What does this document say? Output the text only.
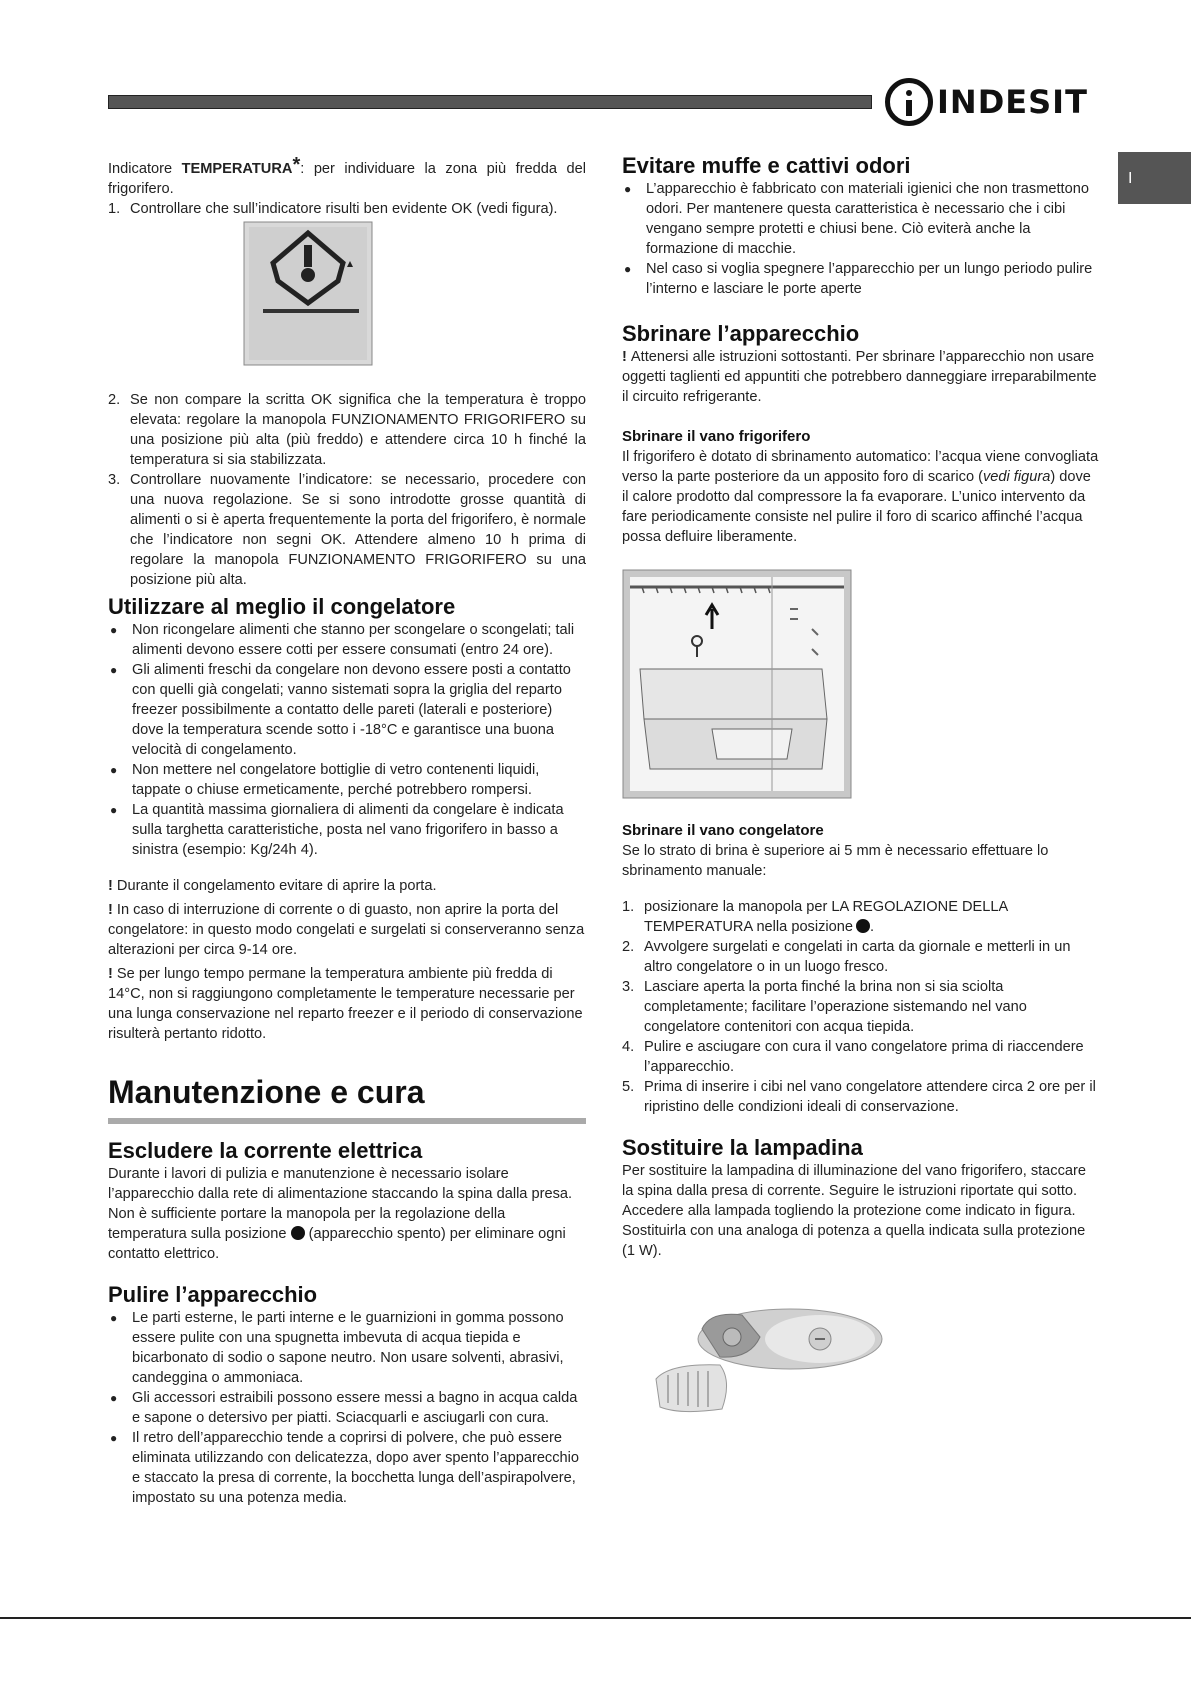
INDESIT
I

Indicatore TEMPERATURA*: per individuare la zona più fredda del frigorifero.

1. Controllare che sull’indicatore risulti ben evidente OK (vedi figura).
2. Se non compare la scritta OK significa che la temperatura è troppo elevata: regolare la manopola FUNZIONAMENTO FRIGORIFERO su una posizione più alta (più freddo) e attendere circa 10 h finché la temperatura si sia stabilizzata.
3. Controllare nuovamente l’indicatore: se necessario, procedere con una nuova regolazione. Se si sono introdotte grosse quantità di alimenti o si è aperta frequentemente la porta del frigorifero, è normale che l’indicatore non segni OK. Attendere almeno 10 h prima di regolare la manopola FUNZIONAMENTO FRIGORIFERO su una posizione più alta.
Utilizzare al meglio il congelatore
●	Non ricongelare alimenti che stanno per scongelare o scongelati; tali alimenti devono essere cotti per essere consumati (entro 24 ore).
●	Gli alimenti freschi da congelare non devono essere posti a contatto con quelli già congelati; vanno sistemati sopra la griglia del reparto freezer possibilmente a contatto delle pareti (laterali e posteriore) dove la temperatura scende sotto i -18°C e garantisce una buona velocità di congelamento.
●	Non mettere nel congelatore bottiglie di vetro contenenti liquidi, tappate o chiuse ermeticamente, perché potrebbero rompersi.
●	La quantità massima giornaliera di alimenti da congelare è indicata sulla targhetta caratteristiche, posta nel vano frigorifero in basso a sinistra (esempio: Kg/24h 4).

! Durante il congelamento evitare di aprire la porta.

! In caso di interruzione di corrente o di guasto, non aprire la porta del congelatore: in questo modo congelati e surgelati si conserveranno senza alterazioni per circa 9-14 ore.

! Se per lungo tempo permane la temperatura ambiente più fredda di 14°C, non si raggiungono completamente le temperature necessarie per una lunga conservazione nel reparto freezer e il periodo di conservazione risulterà pertanto ridotto.

Manutenzione e cura
Escludere la corrente elettrica

Durante i lavori di pulizia e manutenzione è necessario isolare l’apparecchio dalla rete di alimentazione staccando la spina dalla presa. Non è sufficiente portare la manopola per la regolazione della temperatura sulla posizione (apparecchio spento) per eliminare ogni contatto elettrico.

Pulire l’apparecchio
●	Le parti esterne, le parti interne e le guarnizioni in gomma possono essere pulite con una spugnetta imbevuta di acqua tiepida e bicarbonato di sodio o sapone neutro. Non usare solventi, abrasivi, candeggina o ammoniaca.
●	Gli accessori estraibili possono essere messi a bagno in acqua calda e sapone o detersivo per piatti. Sciacquarli e asciugarli con cura.
●	Il retro dell’apparecchio tende a coprirsi di polvere, che può essere eliminata utilizzando con delicatezza, dopo aver spento l’apparecchio e staccato la presa di corrente, la bocchetta lunga dell’aspirapolvere, impostato su una potenza media.
Evitare muffe e cattivi odori
●	L’apparecchio è fabbricato con materiali igienici che non trasmettono odori. Per mantenere questa caratteristica è necessario che i cibi vengano sempre protetti e chiusi bene. Ciò eviterà anche la formazione di macchie.
●	Nel caso si voglia spegnere l’apparecchio per un lungo periodo pulire l’interno e lasciare le porte aperte
Sbrinare l’apparecchio

! Attenersi alle istruzioni sottostanti. Per sbrinare l’apparecchio non usare oggetti taglienti ed appuntiti che potrebbero danneggiare irreparabilmente il circuito refrigerante.

Sbrinare il vano frigorifero

Il frigorifero è dotato di sbrinamento automatico: l’acqua viene convogliata verso la parte posteriore da un apposito foro di scarico (vedi figura) dove il calore prodotto dal compressore la fa evaporare. L’unico intervento da fare periodicamente consiste nel pulire il foro di scarico affinché l’acqua possa defluire liberamente.

Sbrinare il vano congelatore

Se lo strato di brina è superiore ai 5 mm è necessario effettuare lo sbrinamento manuale:

1. posizionare la manopola per LA REGOLAZIONE DELLA TEMPERATURA nella posizione .
2. Avvolgere surgelati e congelati in carta da giornale e metterli in un altro congelatore o in un luogo fresco.
3. Lasciare aperta la porta finché la brina non si sia sciolta completamente; facilitare l’operazione sistemando nel vano congelatore contenitori con acqua tiepida.
4. Pulire e asciugare con cura il vano congelatore prima di riaccendere l’apparecchio.
5. Prima di inserire i cibi nel vano congelatore attendere circa 2 ore per il ripristino delle condizioni ideali di conservazione.
Sostituire la lampadina

Per sostituire la lampadina di illuminazione del vano frigorifero, staccare la spina dalla presa di corrente. Seguire le istruzioni riportate qui sotto. Accedere alla lampada togliendo la protezione come indicato in figura. Sostituirla con una analoga di potenza a quella indicata sulla protezione (1 W).
